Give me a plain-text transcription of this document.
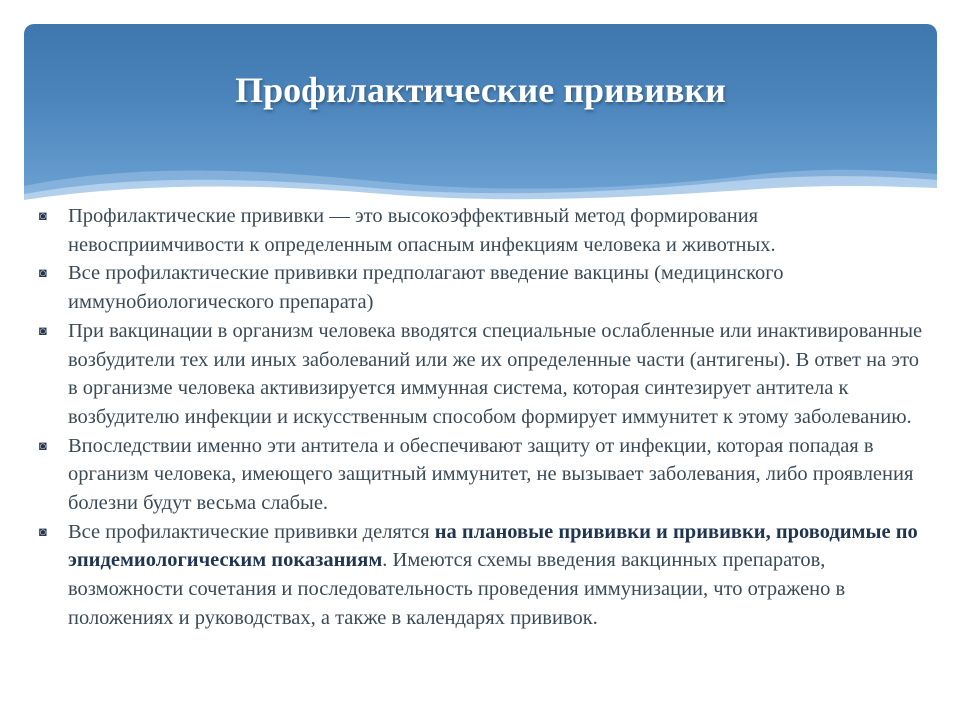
Профилактические прививки
◙ Профилактические прививки — это высокоэффективный метод формирования невосприимчивости к определенным опасным инфекциям человека и животных.
◙ Все профилактические прививки предполагают введение вакцины (медицинского иммунобиологического препарата)
◙ При вакцинации в организм человека вводятся специальные ослабленные или инактивированные возбудители тех или иных заболеваний или же их определенные части (антигены). В ответ на это в организме человека активизируется иммунная система, которая синтезирует антитела к возбудителю инфекции и искусственным способом формирует иммунитет к этому заболеванию.
◙ Впоследствии именно эти антитела и обеспечивают защиту от инфекции, которая попадая в организм человека, имеющего защитный иммунитет, не вызывает заболевания, либо проявления болезни будут весьма слабые.
◙ Все профилактические прививки делятся на плановые прививки и прививки, проводимые по эпидемиологическим показаниям. Имеются схемы введения вакцинных препаратов, возможности сочетания и последовательность проведения иммунизации, что отражено в положениях и руководствах, а также в календарях прививок.
